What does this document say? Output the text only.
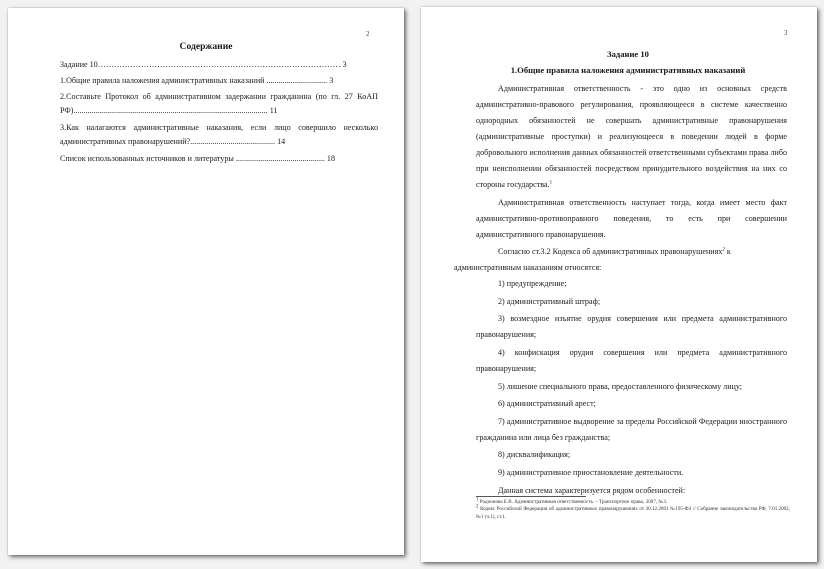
2
Содержание
Задание 10……………………………………………………………………………… 3
1.Общие правила наложения административных наказаний .............................. 3
2.Составьте Протокол об административном задержании гражданина (по гл. 27 КоАП РФ)................................................................................................ 11
3.Как налагаются административные наказания, если лицо совершило несколько административных правонарушений?.......................................... 14
Список использованных источников и литературы ............................................ 18
3
Задание 10
1.Общие правила наложения административных наказаний

Административная ответственность - это одно из основных средств административно-правового регулирования, проявляющееся в системе качественно однородных обязанностей не совершать административные правонарушения (административные проступки) и реализующееся в поведении людей в форме добровольного исполнения данных обязанностей ответственными субъектами права либо при неисполнении обязанностей посредством принудительного воздействия на них со стороны государства.$^1$

Административная ответственность наступает тогда, когда имеет место факт административно-противоправного поведения, то есть при совершении административного правонарушения.

Согласно ст.3.2 Кодекса об административных правонарушениях$^2$ к
административным наказаниям относятся:

1) предупреждение;

2) административный штраф;

3) возмездное изъятие орудия совершения или предмета административного правонарушения;

4) конфискация орудия совершения или предмета административного правонарушения;

5) лишение специального права, предоставленного физическому лицу;

6) административный арест;

7) административное выдворение за пределы Российской Федерации иностранного гражданина или лица без гражданства;

8) дисквалификация;

9) административное приостановление деятельности.

Данная система характеризуется рядом особенностей:

$^1$ Родионова Е.В. Административная ответственность. – Транспортное право, 2007, №3.

$^2$ Кодекс Российской Федерации об административных правонарушениях от 30.12.2001 №195-ФЗ // Собрание законодательства РФ, 7.01.2002, №1 (ч.1), ст.1.
